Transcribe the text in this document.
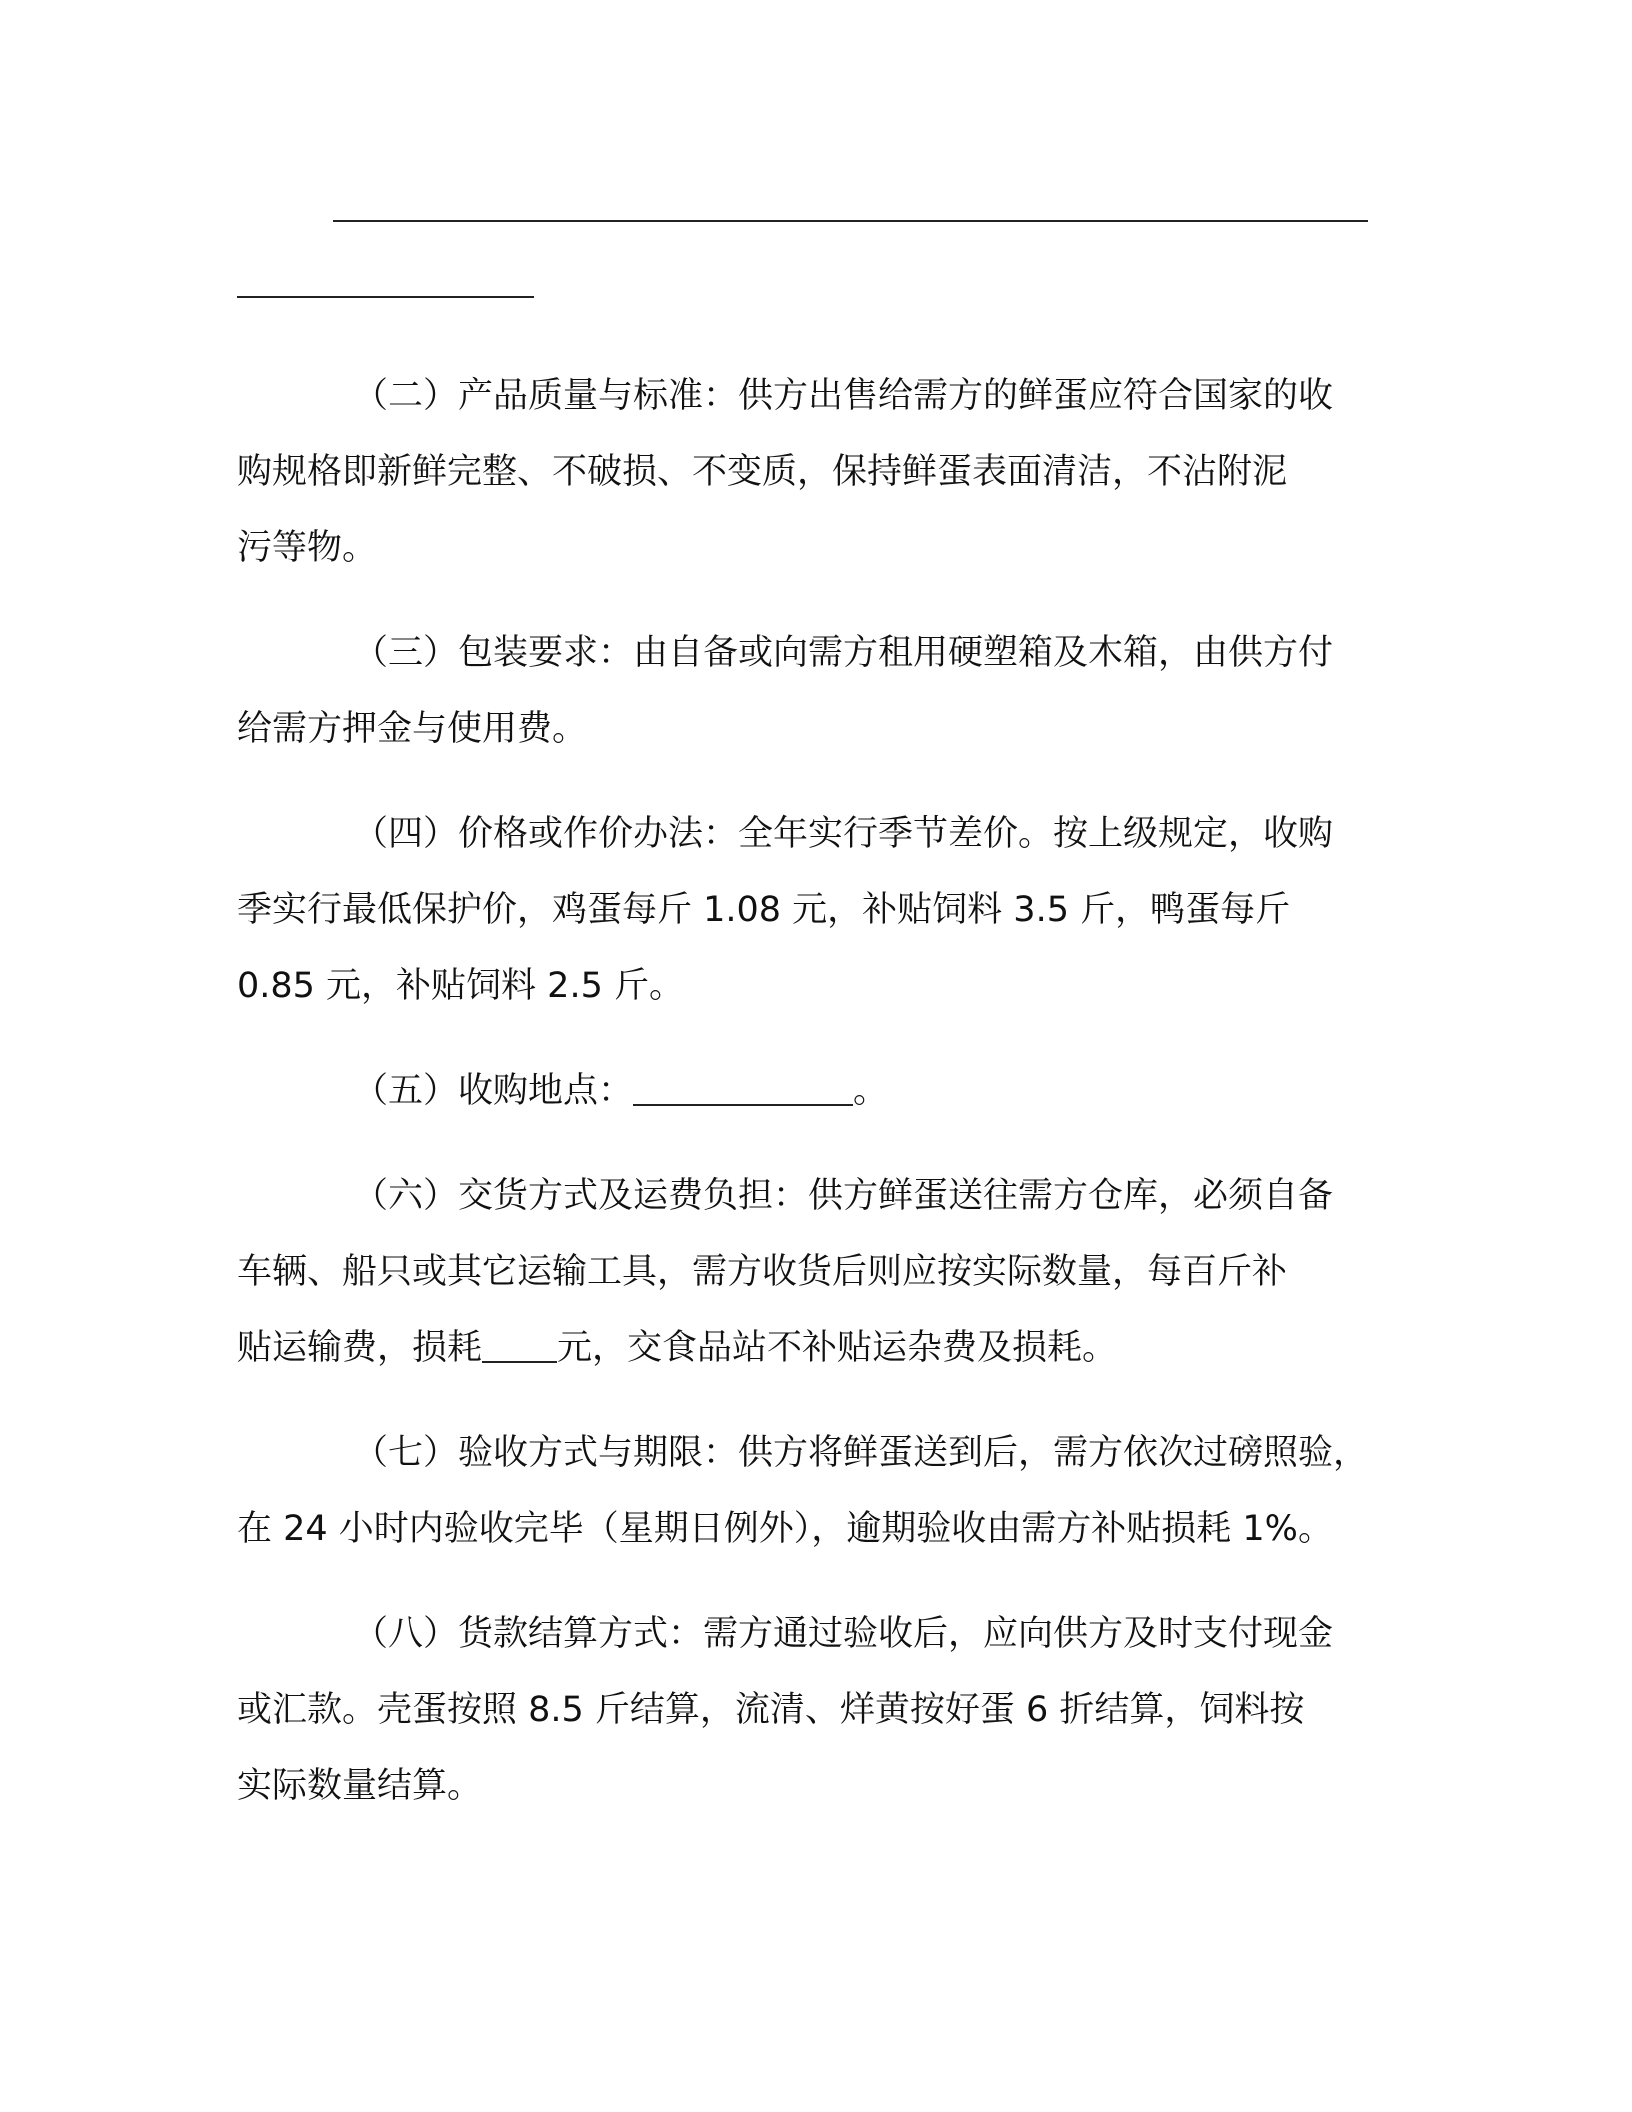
（二）产品质量与标准：供方出售给需方的鲜蛋应符合国家的收
购规格即新鲜完整、不破损、不变质，保持鲜蛋表面清洁，不沾附泥
污等物。
（三）包装要求：由自备或向需方租用硬塑箱及木箱，由供方付
给需方押金与使用费。
（四）价格或作价办法：全年实行季节差价。按上级规定，收购
季实行最低保护价，鸡蛋每斤 1.08 元，补贴饲料 3.5 斤，鸭蛋每斤
0.85 元，补贴饲料 2.5 斤。
（五）收购地点：	。
（六）交货方式及运费负担：供方鲜蛋送往需方仓库，必须自备
车辆、船只或其它运输工具，需方收货后则应按实际数量，每百斤补
贴运输费，损耗 元，交食品站不补贴运杂费及损耗。
（七）验收方式与期限：供方将鲜蛋送到后，需方依次过磅照验，
在 24 小时内验收完毕（星期日例外），逾期验收由需方补贴损耗 1%。
（八）货款结算方式：需方通过验收后，应向供方及时支付现金
或汇款。壳蛋按照 8.5 斤结算，流清、烊黄按好蛋 6 折结算，饲料按
实际数量结算。
